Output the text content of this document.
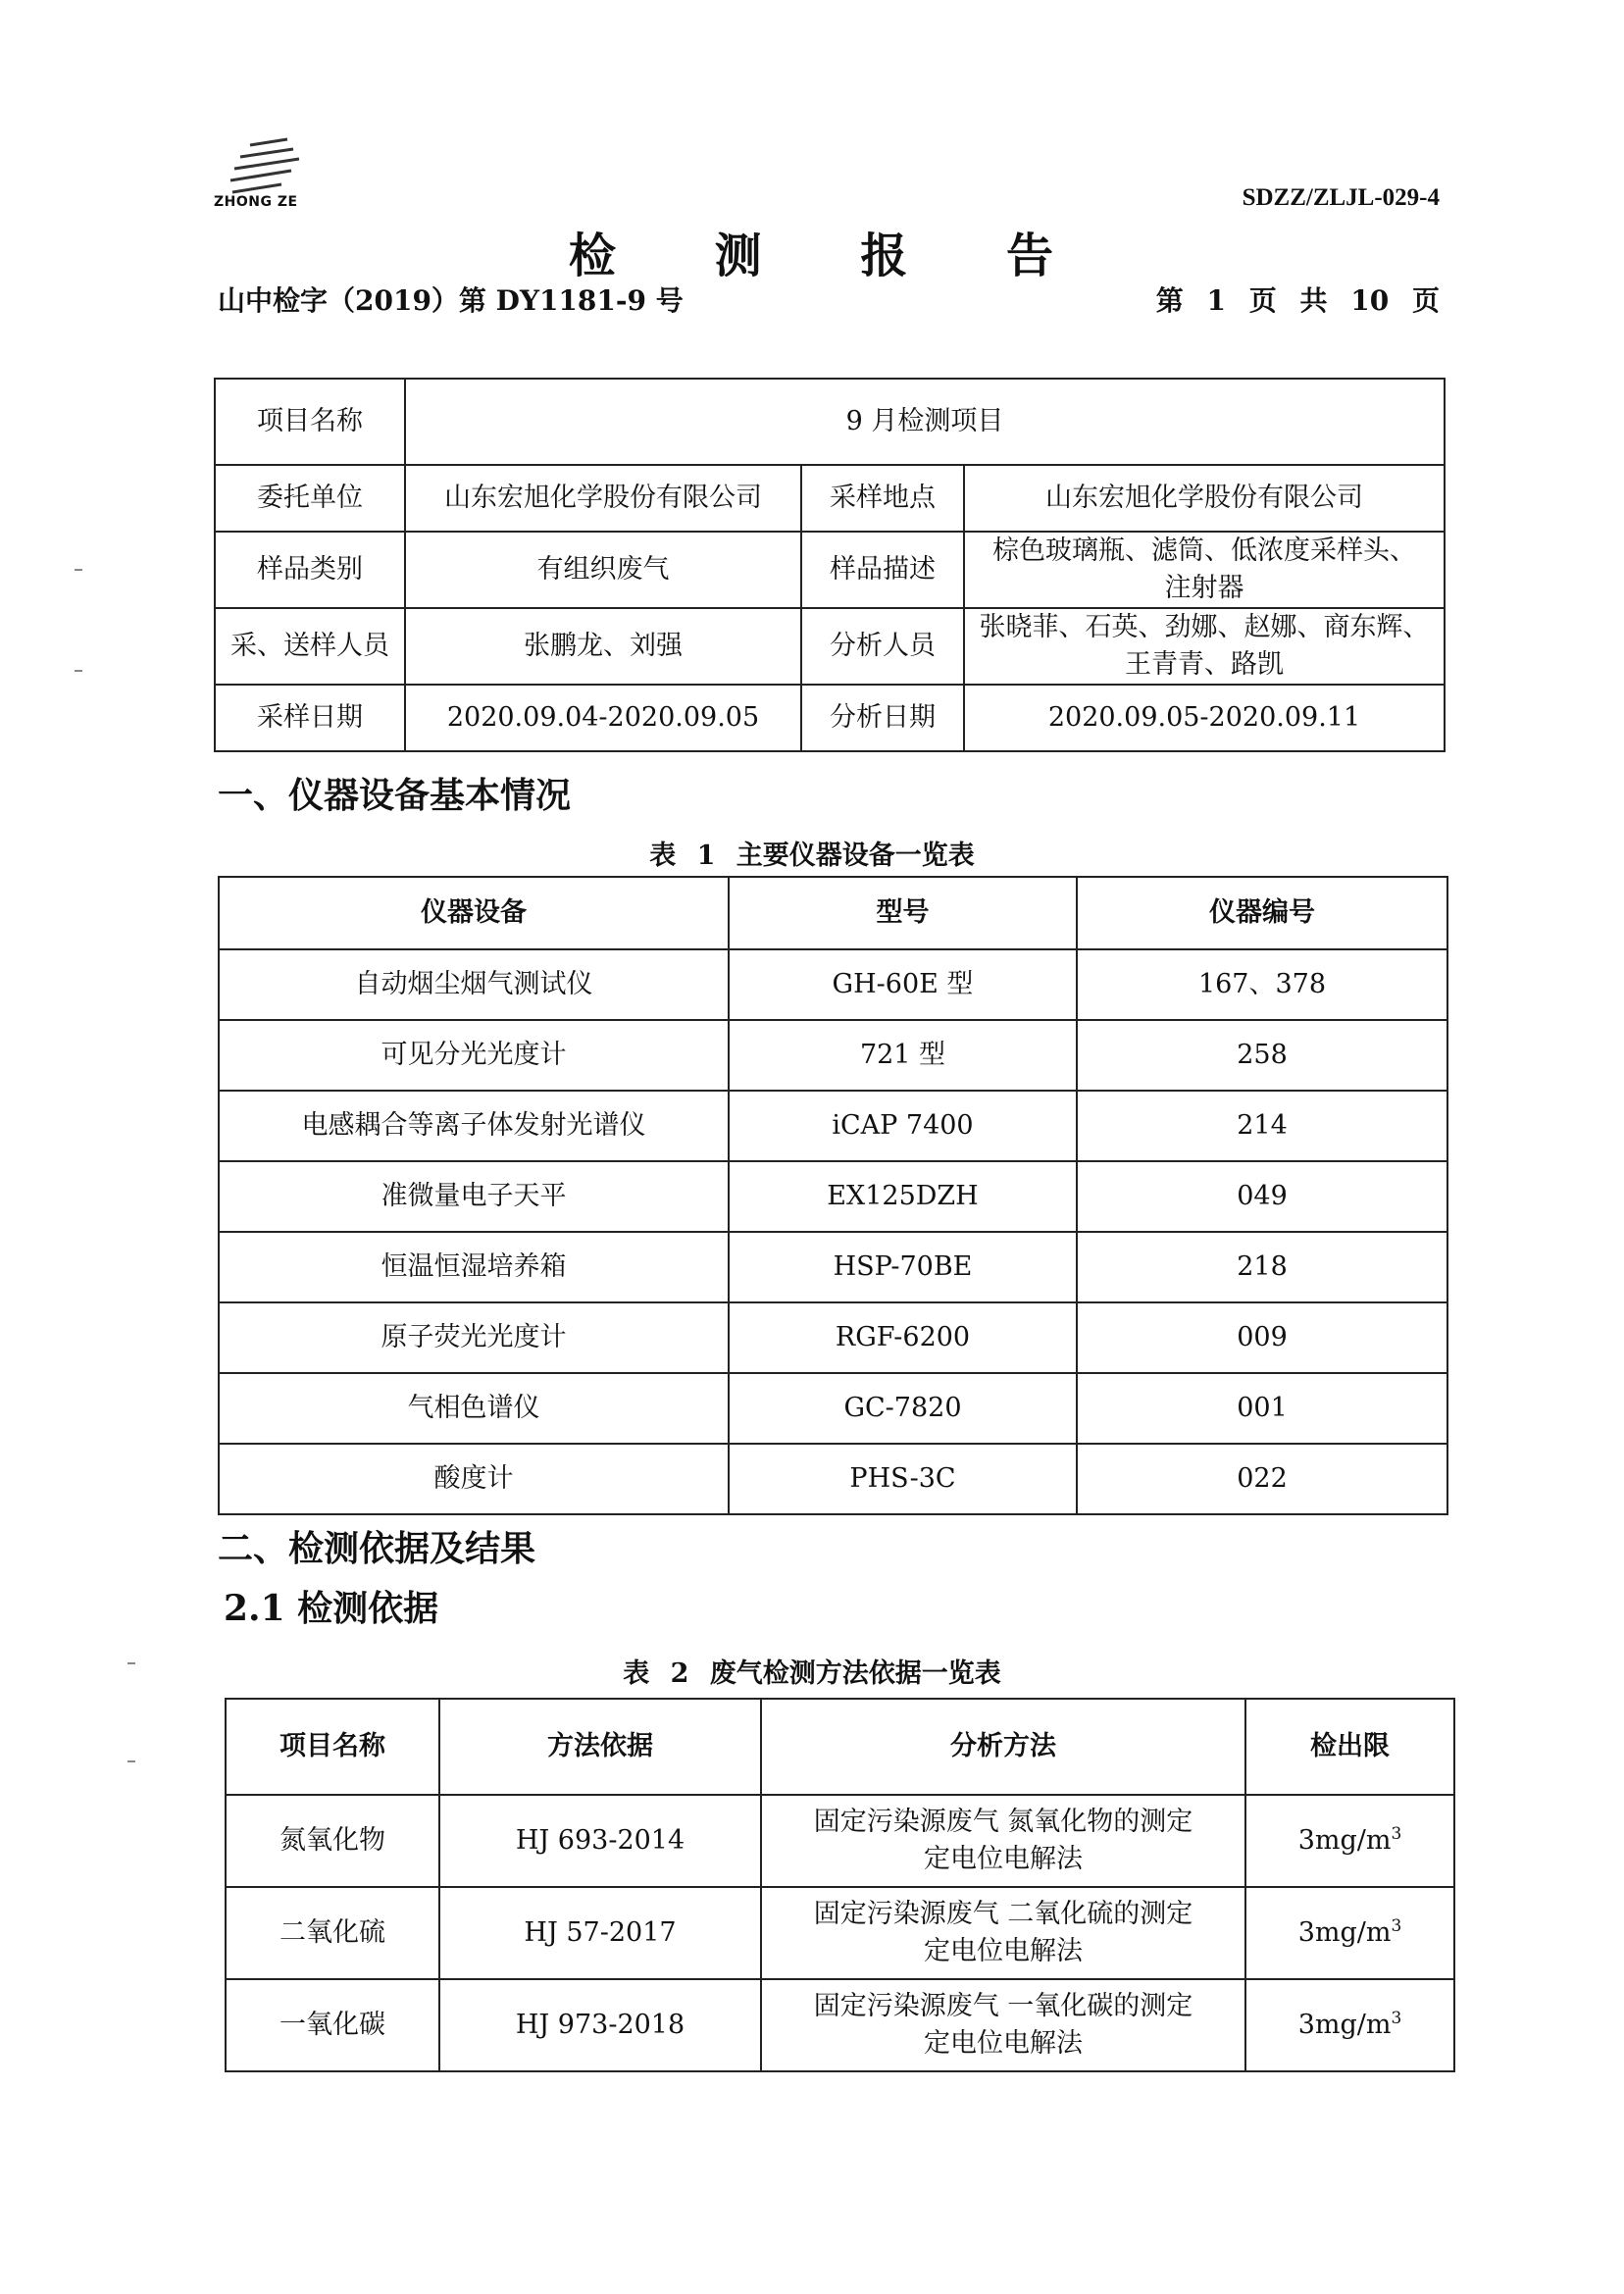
ZHONG ZE	SDZZ/ZLJL-029-4
检 测 报 告
山中检字（2019）第 DY1181-9 号	第 1 页 共 10 页
项目名称	9 月检测项目		
委托单位	山东宏旭化学股份有限公司	采样地点	山东宏旭化学股份有限公司
样品类别	有组织废气	样品描述	棕色玻璃瓶、滤筒、低浓度采样头、
注射器

采、送样人员	张鹏龙、刘强	分析人员	张晓菲、石英、劲娜、赵娜、商东辉、
王青青、路凯

采样日期	2020.09.04-2020.09.05	分析日期	2020.09.05-2020.09.11
一、仪器设备基本情况
表 1 主要仪器设备一览表
仪器设备	型号	仪器编号
自动烟尘烟气测试仪	GH-60E 型	167、378
可见分光光度计	721 型	258
电感耦合等离子体发射光谱仪	iCAP 7400	214
准微量电子天平	EX125DZH	049
恒温恒湿培养箱	HSP-70BE	218
原子荧光光度计	RGF-6200	009
气相色谱仪	GC-7820	001
酸度计	PHS-3C	022
二、检测依据及结果
2.1 检测依据
表 2 废气检测方法依据一览表
项目名称	方法依据	分析方法	检出限
氮氧化物	HJ 693-2014	固定污染源废气 氮氧化物的测定
定电位电解法	$3mg/m^3$
二氧化硫	HJ 57-2017	固定污染源废气 二氧化硫的测定
定电位电解法	$3mg/m^3$
一氧化碳	HJ 973-2018	固定污染源废气 一氧化碳的测定
定电位电解法	$3mg/m^3$
